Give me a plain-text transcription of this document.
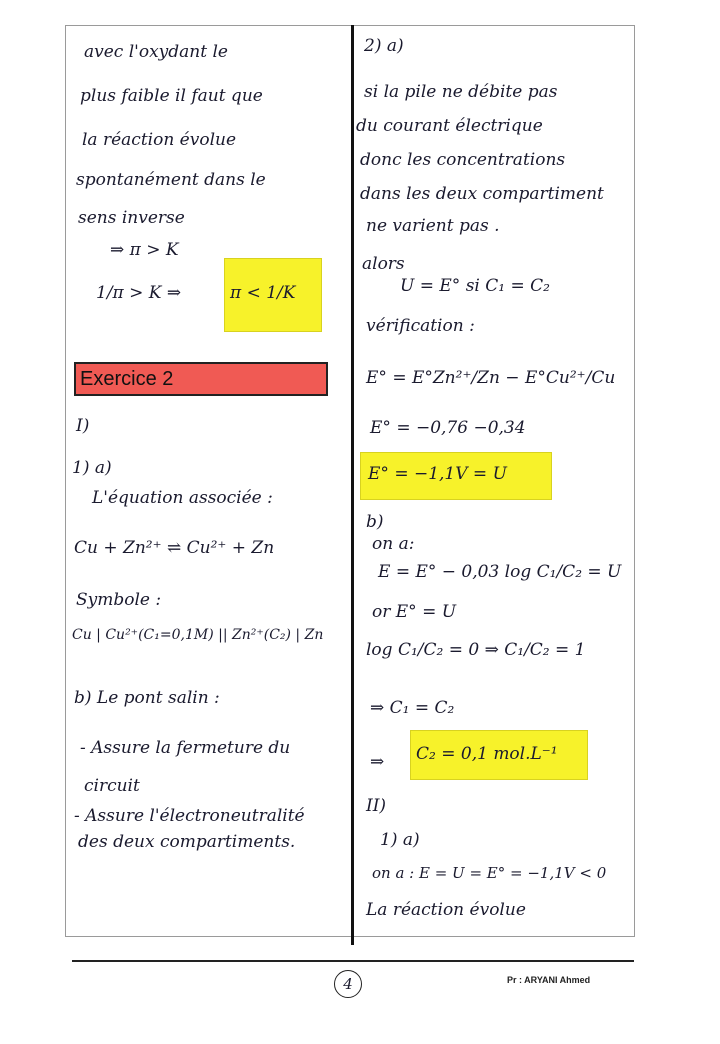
avec l'oxydant le
plus faible il faut que
la réaction évolue
spontanément dans le
sens inverse
⇒ π > K
1/π > K ⇒	π < 1/K
Exercice 2
I)
1) a)
L'équation associée :
Cu + Zn²⁺ ⇌ Cu²⁺ + Zn
Symbole :
Cu | Cu²⁺(C₁=0,1M) || Zn²⁺(C₂) | Zn
b) Le pont salin :
- Assure la fermeture du
circuit
- Assure l'électroneutralité
des deux compartiments.
2) a)
si la pile ne débite pas
du courant électrique
donc les concentrations
dans les deux compartiment
ne varient pas .
alors
U = E° si C₁ = C₂
vérification :
E° = E°Zn²⁺/Zn − E°Cu²⁺/Cu
E° = −0,76 −0,34
E° = −1,1V = U
b)
on a:
E = E° − 0,03 log C₁/C₂ = U
or E° = U
log C₁/C₂ = 0 ⇒ C₁/C₂ = 1
⇒ C₁ = C₂
⇒ C₂ = 0,1 mol.L⁻¹
II)
1) a)
on a : E = U = E° = −1,1V < 0
La réaction évolue
4	Pr : ARYANI Ahmed
